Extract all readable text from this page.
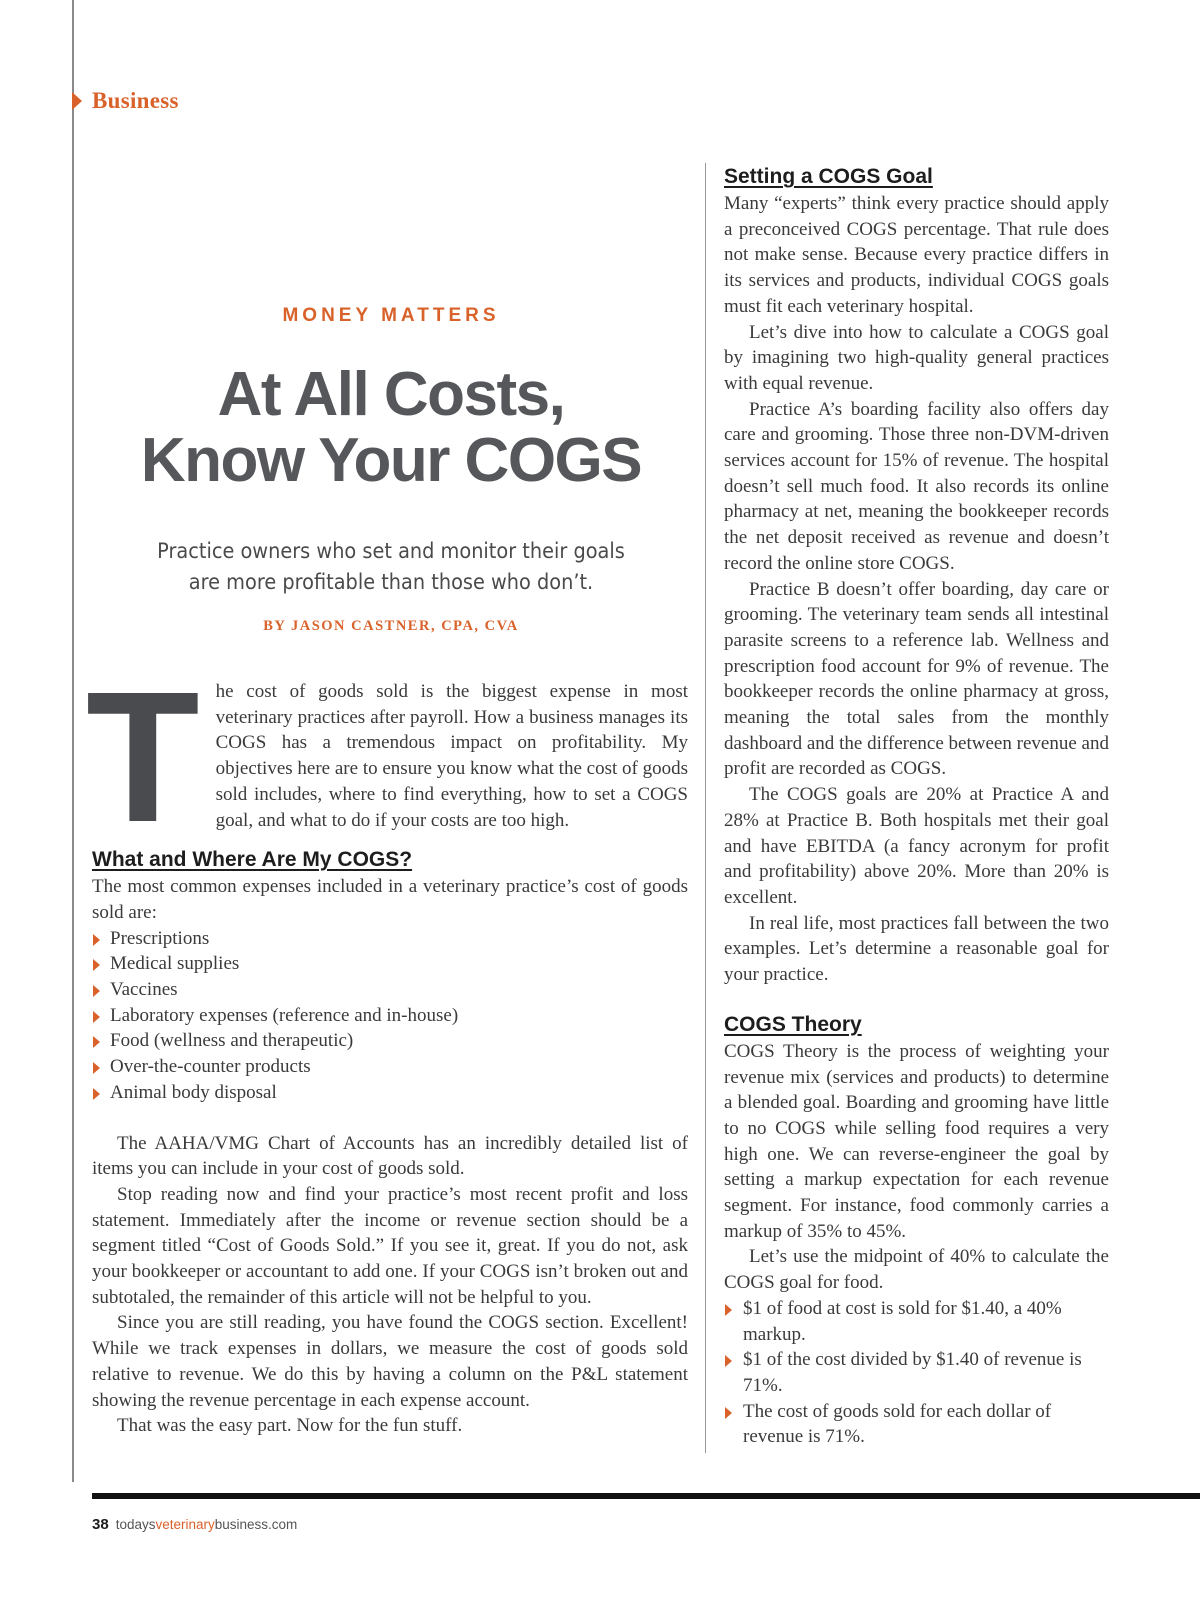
Business
MONEY MATTERS
At All Costs,
Know Your COGS
Practice owners who set and monitor their goals
are more profitable than those who don’t.
BY JASON CASTNER, CPA, CVA

T he cost of goods sold is the biggest expense in most veterinary practices after payroll. How a business manages its COGS has a tremendous impact on profitability. My objectives here are to ensure you know what the cost of goods sold includes, where to find everything, how to set a COGS goal, and what to do if your costs are too high.

What and Where Are My COGS?

The most common expenses included in a veterinary practice’s cost of goods sold are:

Prescriptions
Medical supplies
Vaccines
Laboratory expenses (reference and in-house)
Food (wellness and therapeutic)
Over-the-counter products
Animal body disposal

The AAHA/VMG Chart of Accounts has an incredibly detailed list of items you can include in your cost of goods sold.

Stop reading now and find your practice’s most recent profit and loss statement. Immediately after the income or revenue section should be a segment titled “Cost of Goods Sold.” If you see it, great. If you do not, ask your bookkeeper or accountant to add one. If your COGS isn’t broken out and subtotaled, the remainder of this article will not be helpful to you.

Since you are still reading, you have found the COGS section. Excellent! While we track expenses in dollars, we measure the cost of goods sold relative to revenue. We do this by having a column on the P&L statement showing the revenue percentage in each expense account.

That was the easy part. Now for the fun stuff.

Setting a COGS Goal

Many “experts” think every practice should apply a preconceived COGS percentage. That rule does not make sense. Because every practice differs in its services and products, individual COGS goals must fit each veterinary hospital.

Let’s dive into how to calculate a COGS goal by imagining two high-quality general practices with equal revenue.

Practice A’s boarding facility also offers day care and grooming. Those three non-DVM-driven services account for 15% of revenue. The hospital doesn’t sell much food. It also records its online pharmacy at net, meaning the bookkeeper records the net deposit received as revenue and doesn’t record the online store COGS.

Practice B doesn’t offer boarding, day care or grooming. The veterinary team sends all intestinal parasite screens to a reference lab. Wellness and prescription food account for 9% of revenue. The bookkeeper records the online pharmacy at gross, meaning the total sales from the monthly dashboard and the difference between revenue and profit are recorded as COGS.

The COGS goals are 20% at Practice A and 28% at Practice B. Both hospitals met their goal and have EBITDA (a fancy acronym for profit and profitability) above 20%. More than 20% is excellent.

In real life, most practices fall between the two examples. Let’s determine a reasonable goal for your practice.

COGS Theory

COGS Theory is the process of weighting your revenue mix (services and products) to determine a blended goal. Boarding and grooming have little to no COGS while selling food requires a very high one. We can reverse-engineer the goal by setting a markup expectation for each revenue segment. For instance, food commonly carries a markup of 35% to 45%.

Let’s use the midpoint of 40% to calculate the COGS goal for food.

$1 of food at cost is sold for $1.40, a 40% markup.
$1 of the cost divided by $1.40 of revenue is 71%.
The cost of goods sold for each dollar of revenue is 71%.
38 todaysveterinarybusiness.com
